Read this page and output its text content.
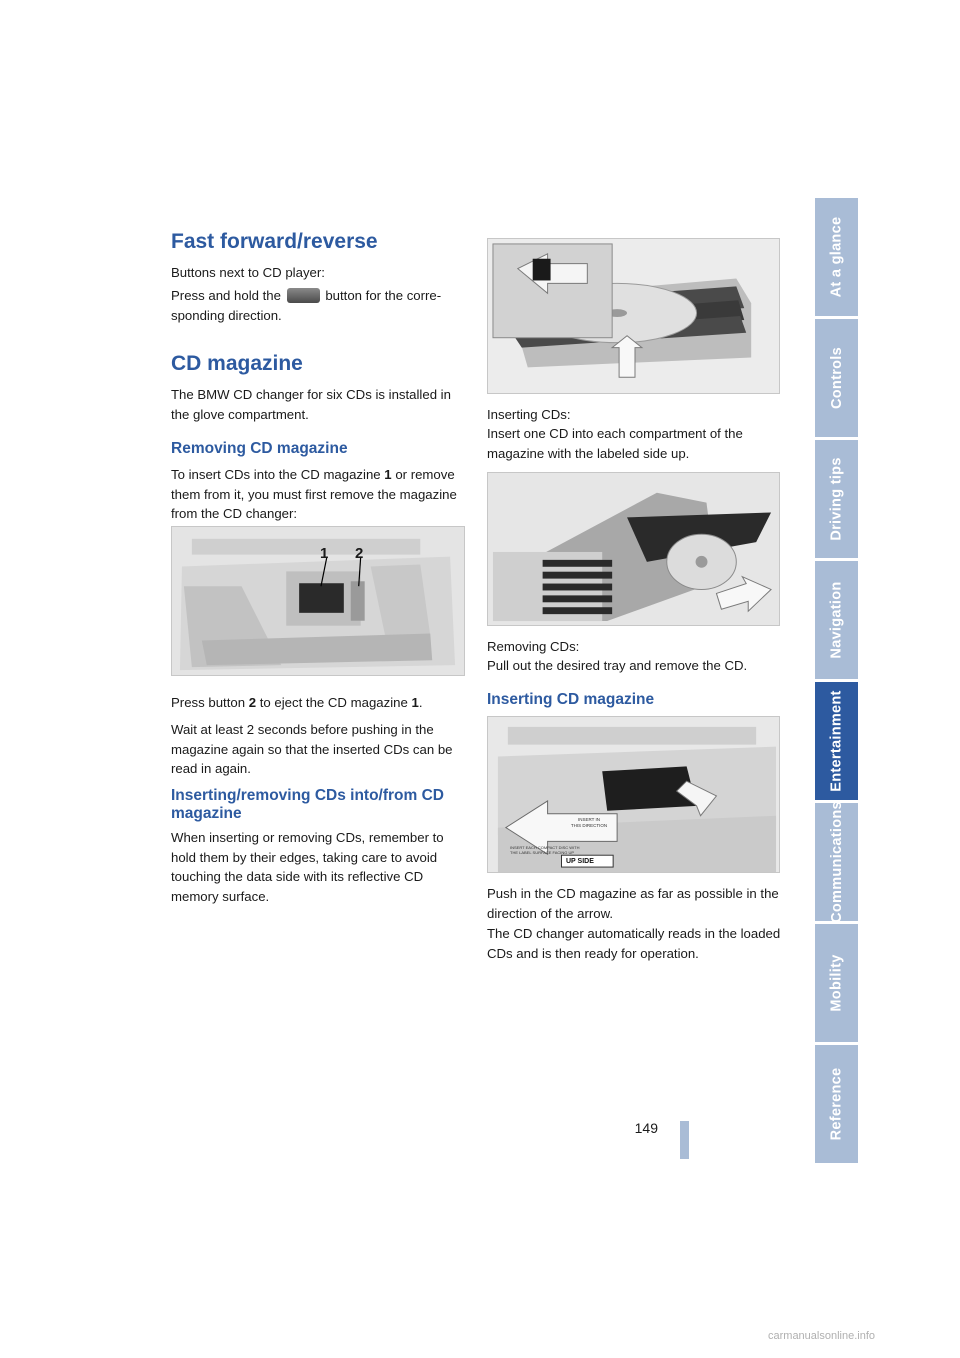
At a glance
Controls
Driving tips
Navigation
Entertainment
Communications
Mobility
Reference
Fast forward/reverse

Buttons next to CD player:

Press and hold the	button for the corre-sponding direction.

CD magazine

The BMW CD changer for six CDs is installed in the glove compartment.

Removing CD magazine

To insert CDs into the CD magazine 1 or remove them from it, you must first remove the magazine from the CD changer:

1 2

Press button 2 to eject the CD magazine 1.

Wait at least 2 seconds before pushing in the magazine again so that the inserted CDs can be read in again.

Inserting/removing CDs into/from CD magazine

When inserting or removing CDs, remember to hold them by their edges, taking care to avoid touching the data side with its reflective CD memory surface.

Inserting CDs:

Insert one CD into each compartment of the magazine with the labeled side up.

Removing CDs:

Pull out the desired tray and remove the CD.

Inserting CD magazine
INSERT IN
THIS DIRECTION
INSERT EACH COMPACT DISC WITH
THE LABEL SURFACE FACING UP
UP SIDE

Push in the CD magazine as far as possible in the direction of the arrow.

The CD changer automatically reads in the loaded CDs and is then ready for operation.

149
carmanualsonline.info
